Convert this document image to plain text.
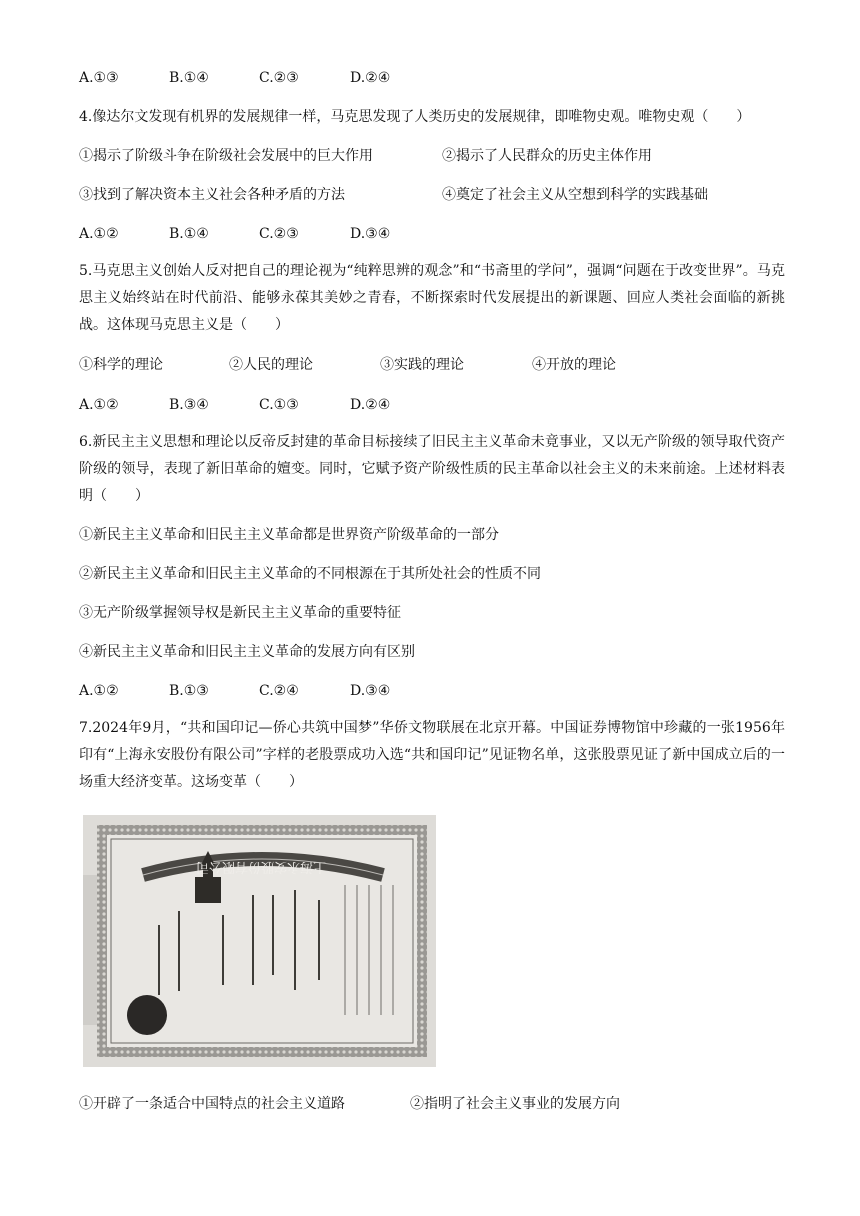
A.①③	B.①④	C.②③	D.②④
4.像达尔文发现有机界的发展规律一样，马克思发现了人类历史的发展规律，即唯物史观。唯物史观（　　）
①揭示了阶级斗争在阶级社会发展中的巨大作用	②揭示了人民群众的历史主体作用
③找到了解决资本主义社会各种矛盾的方法	④奠定了社会主义从空想到科学的实践基础
A.①②	B.①④	C.②③	D.③④
5.马克思主义创始人反对把自己的理论视为“纯粹思辨的观念”和“书斋里的学问”，强调“问题在于改变世界”。马克思主义始终站在时代前沿、能够永葆其美妙之青春，不断探索时代发展提出的新课题、回应人类社会面临的新挑战。这体现马克思主义是（　　）
①科学的理论	②人民的理论	③实践的理论	④开放的理论
A.①②	B.③④	C.①③	D.②④
6.新民主主义思想和理论以反帝反封建的革命目标接续了旧民主主义革命未竟事业，又以无产阶级的领导取代资产阶级的领导，表现了新旧革命的嬗变。同时，它赋予资产阶级性质的民主革命以社会主义的未来前途。上述材料表明（　　）
①新民主主义革命和旧民主主义革命都是世界资产阶级革命的一部分
②新民主主义革命和旧民主主义革命的不同根源在于其所处社会的性质不同
③无产阶级掌握领导权是新民主主义革命的重要特征
④新民主主义革命和旧民主主义革命的发展方向有区别
A.①②	B.①③	C.②④	D.③④
7.2024年9月，“共和国印记—侨心共筑中国梦”华侨文物联展在北京开幕。中国证券博物馆中珍藏的一张1956年印有“上海永安股份有限公司”字样的老股票成功入选“共和国印记”见证物名单，这张股票见证了新中国成立后的一场重大经济变革。这场变革（　　）
上海永安股份有限公司
①开辟了一条适合中国特点的社会主义道路	②指明了社会主义事业的发展方向
